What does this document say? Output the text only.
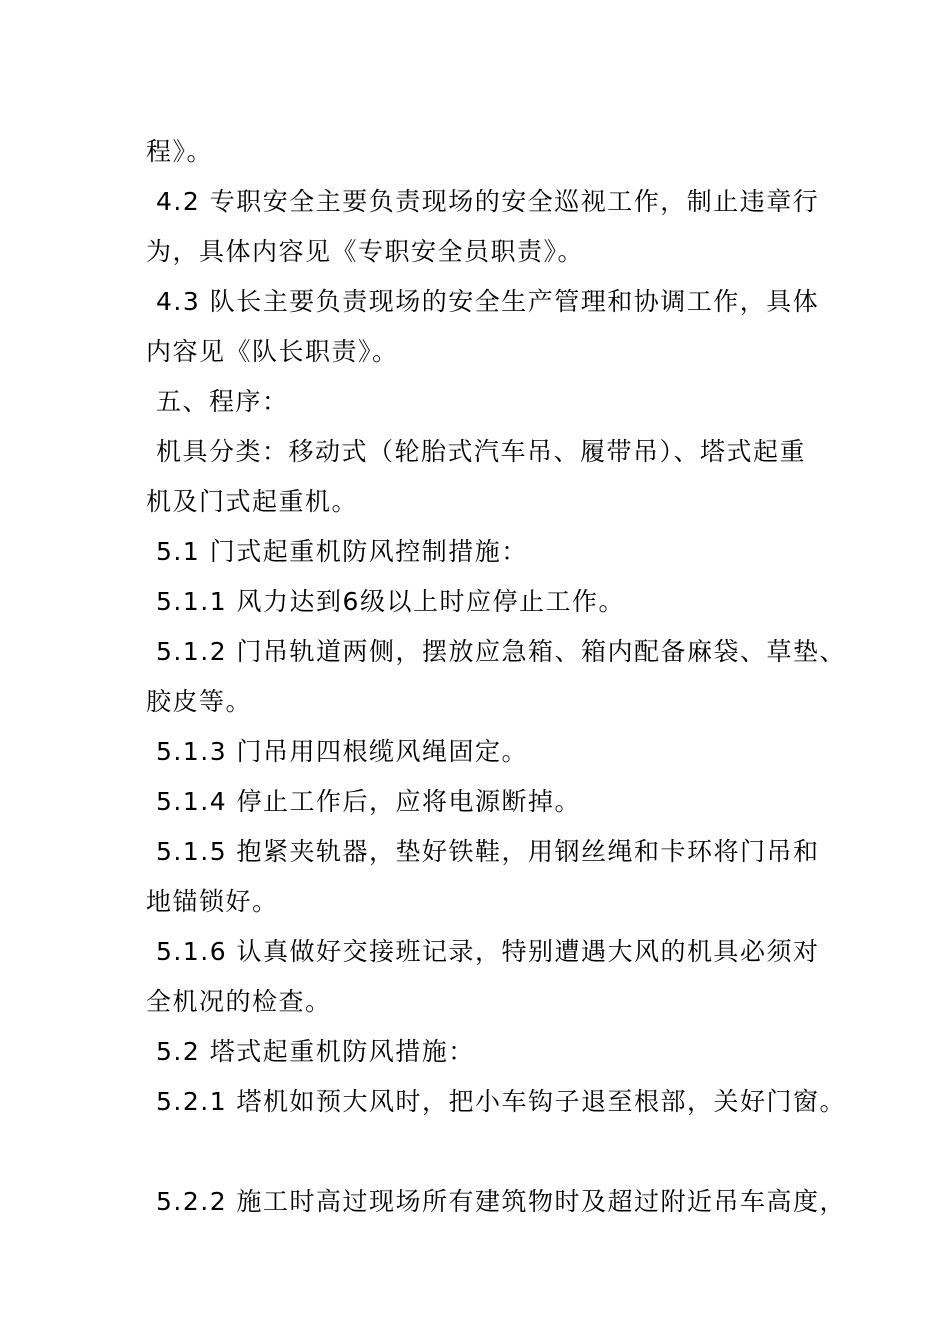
程》。

4.2 专职安全主要负责现场的安全巡视工作，制止违章行

为，具体内容见《专职安全员职责》。

4.3 队长主要负责现场的安全生产管理和协调工作，具体

内容见《队长职责》。

五、程序：

机具分类：移动式（轮胎式汽车吊、履带吊）、塔式起重

机及门式起重机。

5.1 门式起重机防风控制措施：

5.1.1 风力达到6级以上时应停止工作。

5.1.2 门吊轨道两侧，摆放应急箱、箱内配备麻袋、草垫、

胶皮等。

5.1.3 门吊用四根缆风绳固定。

5.1.4 停止工作后，应将电源断掉。

5.1.5 抱紧夹轨器，垫好铁鞋，用钢丝绳和卡环将门吊和

地锚锁好。

5.1.6 认真做好交接班记录，特别遭遇大风的机具必须对

全机况的检查。

5.2 塔式起重机防风措施：

5.2.1 塔机如预大风时，把小车钩子退至根部，关好门窗。

5.2.2 施工时高过现场所有建筑物时及超过附近吊车高度，
